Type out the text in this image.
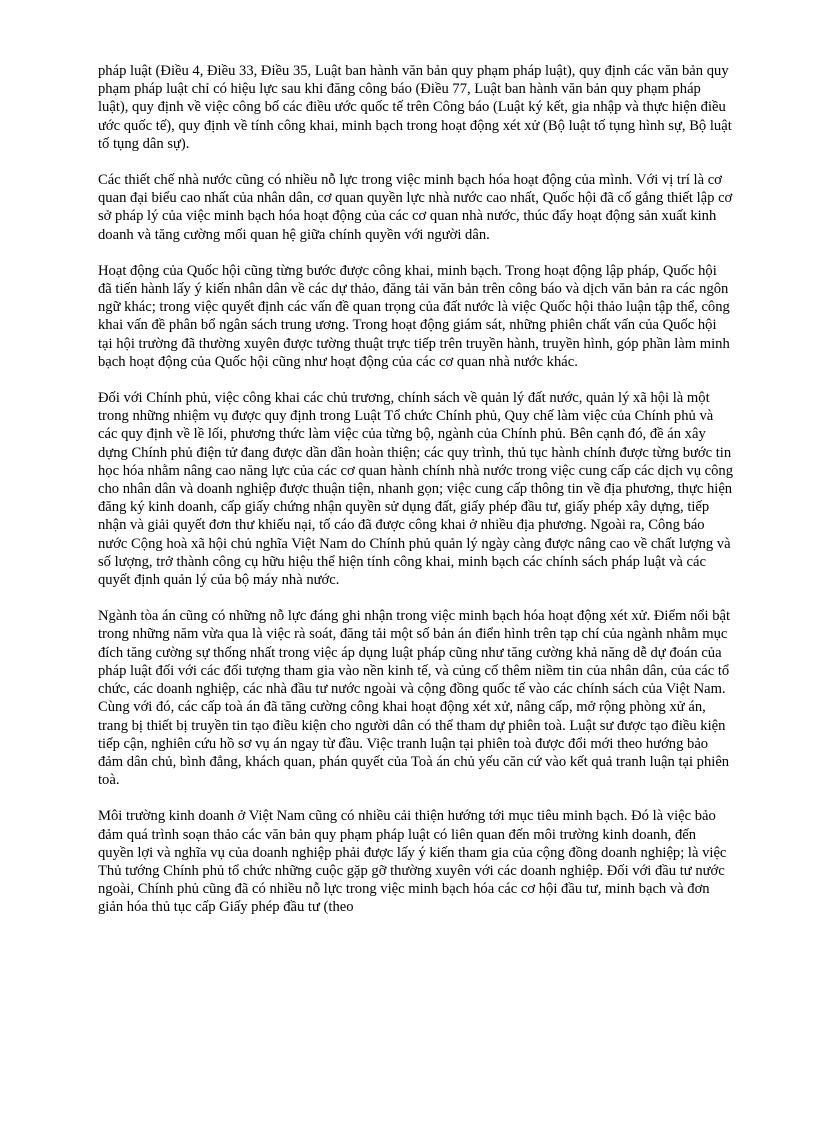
pháp luật (Điều 4, Điều 33, Điều 35, Luật ban hành văn bản quy phạm pháp luật), quy định các văn bản quy phạm pháp luật chỉ có hiệu lực sau khi đăng công báo (Điều 77, Luật ban hành văn bản quy phạm pháp luật), quy định về việc công bố các điều ước quốc tế trên Công báo (Luật ký kết, gia nhập và thực hiện điều ước quốc tế), quy định về tính công khai, minh bạch trong hoạt động xét xử (Bộ luật tố tụng hình sự, Bộ luật tố tụng dân sự).

Các thiết chế nhà nước cũng có nhiều nỗ lực trong việc minh bạch hóa hoạt động của mình. Với vị trí là cơ quan đại biểu cao nhất của nhân dân, cơ quan quyền lực nhà nước cao nhất, Quốc hội đã cố gắng thiết lập cơ sở pháp lý của việc minh bạch hóa hoạt động của các cơ quan nhà nước, thúc đẩy hoạt động sản xuất kinh doanh và tăng cường mối quan hệ giữa chính quyền với người dân.

Hoạt động của Quốc hội cũng từng bước được công khai, minh bạch. Trong hoạt động lập pháp, Quốc hội đã tiến hành lấy ý kiến nhân dân về các dự thảo, đăng tải văn bản trên công báo và dịch văn bản ra các ngôn ngữ khác; trong việc quyết định các vấn đề quan trọng của đất nước là việc Quốc hội thảo luận tập thể, công khai vấn đề phân bổ ngân sách trung ương. Trong hoạt động giám sát, những phiên chất vấn của Quốc hội tại hội trường đã thường xuyên được tường thuật trực tiếp trên truyền hành, truyền hình, góp phần làm minh bạch hoạt động của Quốc hội cũng như hoạt động của các cơ quan nhà nước khác.

Đối với Chính phủ, việc công khai các chủ trương, chính sách về quản lý đất nước, quản lý xã hội là một trong những nhiệm vụ được quy định trong Luật Tổ chức Chính phủ, Quy chế làm việc của Chính phủ và các quy định về lề lối, phương thức làm việc của từng bộ, ngành của Chính phủ. Bên cạnh đó, đề án xây dựng Chính phủ điện tử đang được dần dần hoàn thiện; các quy trình, thủ tục hành chính được từng bước tin học hóa nhằm nâng cao năng lực của các cơ quan hành chính nhà nước trong việc cung cấp các dịch vụ công cho nhân dân và doanh nghiệp được thuận tiện, nhanh gọn; việc cung cấp thông tin về địa phương, thực hiện đăng ký kinh doanh, cấp giấy chứng nhận quyền sử dụng đất, giấy phép đầu tư, giấy phép xây dựng, tiếp nhận và giải quyết đơn thư khiếu nại, tố cáo đã được công khai ở nhiều địa phương. Ngoài ra, Công báo nước Cộng hoà xã hội chủ nghĩa Việt Nam do Chính phủ quản lý ngày càng được nâng cao về chất lượng và số lượng, trở thành công cụ hữu hiệu thể hiện tính công khai, minh bạch các chính sách pháp luật và các quyết định quản lý của bộ máy nhà nước.

Ngành tòa án cũng có những nỗ lực đáng ghi nhận trong việc minh bạch hóa hoạt động xét xử. Điểm nổi bật trong những năm vừa qua là việc rà soát, đăng tải một số bản án điển hình trên tạp chí của ngành nhằm mục đích tăng cường sự thống nhất trong việc áp dụng luật pháp cũng như tăng cường khả năng dễ dự đoán của pháp luật đối với các đối tượng tham gia vào nền kinh tế, và củng cố thêm niềm tin của nhân dân, của các tổ chức, các doanh nghiệp, các nhà đầu tư nước ngoài và cộng đồng quốc tế vào các chính sách của Việt Nam. Cùng với đó, các cấp toà án đã tăng cường công khai hoạt động xét xử, nâng cấp, mở rộng phòng xử án, trang bị thiết bị truyền tin tạo điều kiện cho người dân có thể tham dự phiên toà. Luật sư được tạo điều kiện tiếp cận, nghiên cứu hồ sơ vụ án ngay từ đầu. Việc tranh luận tại phiên toà được đổi mới theo hướng bảo đảm dân chủ, bình đẳng, khách quan, phán quyết của Toà án chủ yếu căn cứ vào kết quả tranh luận tại phiên toà.

Môi trường kinh doanh ở Việt Nam cũng có nhiều cải thiện hướng tới mục tiêu minh bạch. Đó là việc bảo đảm quá trình soạn thảo các văn bản quy phạm pháp luật có liên quan đến môi trường kinh doanh, đến quyền lợi và nghĩa vụ của doanh nghiệp phải được lấy ý kiến tham gia của cộng đồng doanh nghiệp; là việc Thủ tướng Chính phủ tổ chức những cuộc gặp gỡ thường xuyên với các doanh nghiệp. Đối với đầu tư nước ngoài, Chính phủ cũng đã có nhiều nỗ lực trong việc minh bạch hóa các cơ hội đầu tư, minh bạch và đơn giản hóa thủ tục cấp Giấy phép đầu tư (theo
